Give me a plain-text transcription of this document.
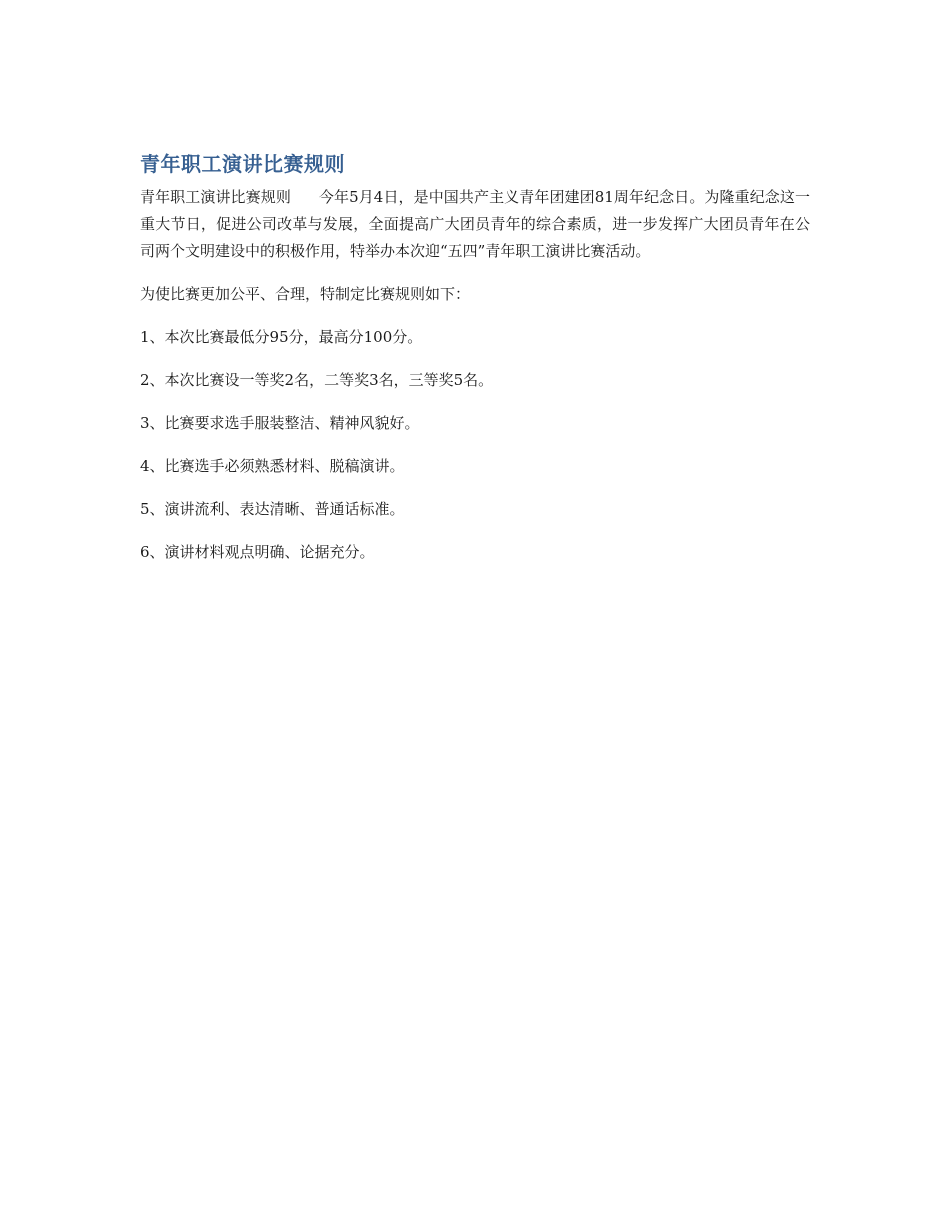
青年职工演讲比赛规则

青年职工演讲比赛规则 今年5月4日，是中国共产主义青年团建团81周年纪念日。为隆重纪念这一重大节日，促进公司改革与发展，全面提高广大团员青年的综合素质，进一步发挥广大团员青年在公司两个文明建设中的积极作用，特举办本次迎“五四”青年职工演讲比赛活动。

为使比赛更加公平、合理，特制定比赛规则如下：

1、本次比赛最低分95分，最高分100分。

2、本次比赛设一等奖2名，二等奖3名，三等奖5名。

3、比赛要求选手服装整洁、精神风貌好。

4、比赛选手必须熟悉材料、脱稿演讲。

5、演讲流利、表达清晰、普通话标准。

6、演讲材料观点明确、论据充分。
